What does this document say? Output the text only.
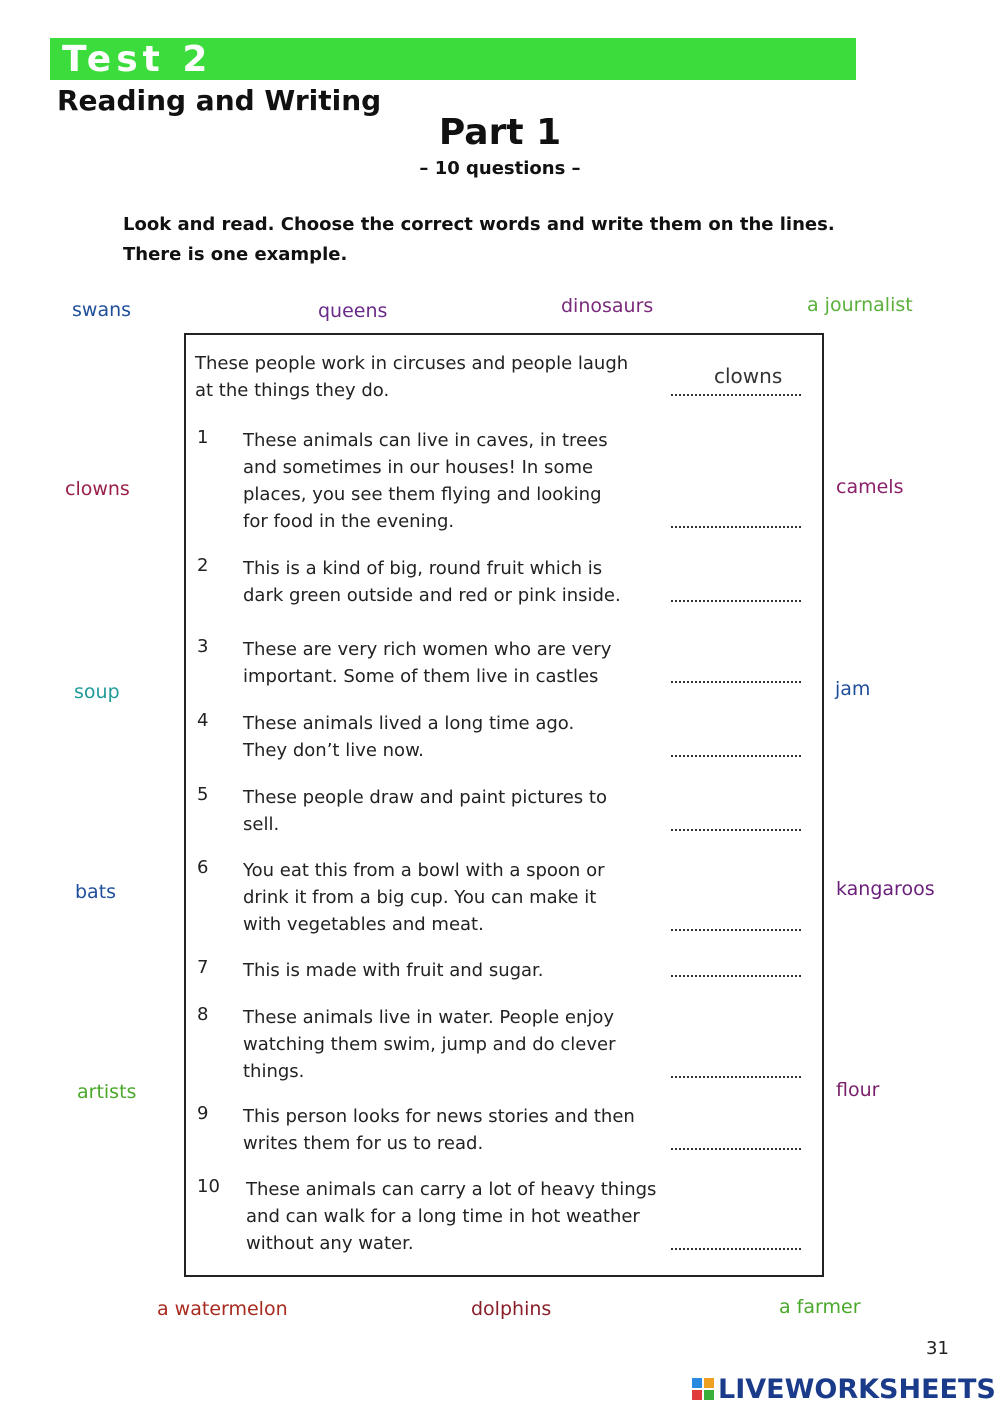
Test 2
Reading and Writing
Part 1
– 10 questions –
Look and read. Choose the correct words and write them on the lines.
There is one example.
swans	queens	dinosaurs	a journalist
clowns	camels
soup	jam
bats	kangaroos
artists	flour
a watermelon	dolphins	a farmer
These people work in circuses and people laugh
at the things they do.
clowns
1 These animals can live in caves, in trees
and sometimes in our houses! In some
places, you see them flying and looking
for food in the evening.
2 This is a kind of big, round fruit which is
dark green outside and red or pink inside.
3 These are very rich women who are very
important. Some of them live in castles
4 These animals lived a long time ago.
They don’t live now.
5 These people draw and paint pictures to
sell.
6 You eat this from a bowl with a spoon or
drink it from a big cup. You can make it
with vegetables and meat.
7 This is made with fruit and sugar.
8 These animals live in water. People enjoy
watching them swim, jump and do clever
things.
9 This person looks for news stories and then
writes them for us to read.
10 These animals can carry a lot of heavy things
and can walk for a long time in hot weather
without any water.
31
LIVEWORKSHEETS
